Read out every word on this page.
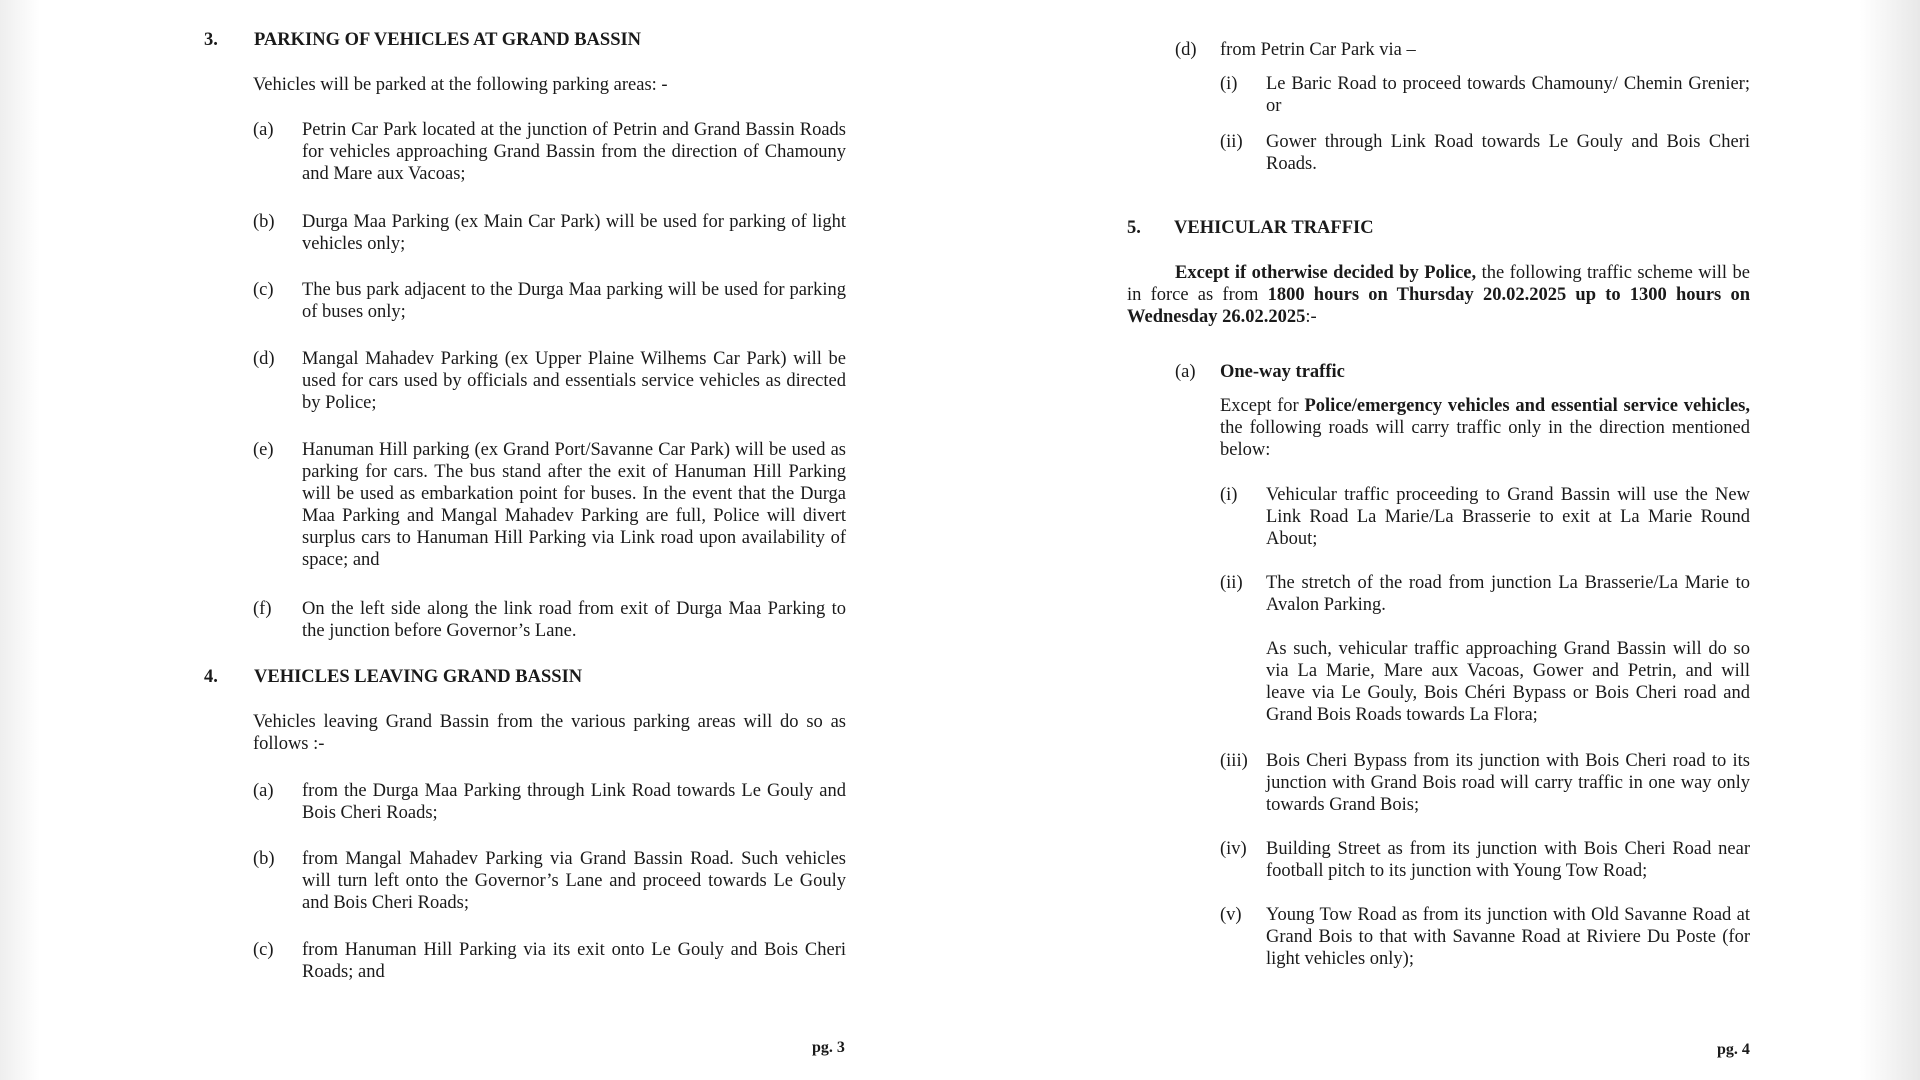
3. PARKING OF VEHICLES AT GRAND BASSIN
Vehicles will be parked at the following parking areas: -
(a) Petrin Car Park located at the junction of Petrin and Grand Bassin Roads for vehicles approaching Grand Bassin from the direction of Chamouny and Mare aux Vacoas;
(b) Durga Maa Parking (ex Main Car Park) will be used for parking of light vehicles only;
(c) The bus park adjacent to the Durga Maa parking will be used for parking of buses only;
(d) Mangal Mahadev Parking (ex Upper Plaine Wilhems Car Park) will be used for cars used by officials and essentials service vehicles as directed by Police;
(e) Hanuman Hill parking (ex Grand Port/Savanne Car Park) will be used as parking for cars. The bus stand after the exit of Hanuman Hill Parking will be used as embarkation point for buses. In the event that the Durga Maa Parking and Mangal Mahadev Parking are full, Police will divert surplus cars to Hanuman Hill Parking via Link road upon availability of space; and
(f) On the left side along the link road from exit of Durga Maa Parking to the junction before Governor’s Lane.
4. VEHICLES LEAVING GRAND BASSIN
Vehicles leaving Grand Bassin from the various parking areas will do so as follows :-
(a) from the Durga Maa Parking through Link Road towards Le Gouly and Bois Cheri Roads;
(b) from Mangal Mahadev Parking via Grand Bassin Road. Such vehicles will turn left onto the Governor’s Lane and proceed towards Le Gouly and Bois Cheri Roads;
(c) from Hanuman Hill Parking via its exit onto Le Gouly and Bois Cheri Roads; and
pg. 3
(d) from Petrin Car Park via –
(i) Le Baric Road to proceed towards Chamouny/ Chemin Grenier; or
(ii) Gower through Link Road towards Le Gouly and Bois Cheri Roads.
5. VEHICULAR TRAFFIC
Except if otherwise decided by Police, the following traffic scheme will be in force as from 1800 hours on Thursday 20.02.2025 up to 1300 hours on Wednesday 26.02.2025:-
(a) One-way traffic
Except for Police/emergency vehicles and essential service vehicles, the following roads will carry traffic only in the direction mentioned below:
(i) Vehicular traffic proceeding to Grand Bassin will use the New Link Road La Marie/La Brasserie to exit at La Marie Round About;
(ii) The stretch of the road from junction La Brasserie/La Marie to Avalon Parking.
As such, vehicular traffic approaching Grand Bassin will do so via La Marie, Mare aux Vacoas, Gower and Petrin, and will leave via Le Gouly, Bois Chéri Bypass or Bois Cheri road and Grand Bois Roads towards La Flora;
(iii) Bois Cheri Bypass from its junction with Bois Cheri road to its junction with Grand Bois road will carry traffic in one way only towards Grand Bois;
(iv) Building Street as from its junction with Bois Cheri Road near football pitch to its junction with Young Tow Road;
(v) Young Tow Road as from its junction with Old Savanne Road at Grand Bois to that with Savanne Road at Riviere Du Poste (for light vehicles only);
pg. 4
